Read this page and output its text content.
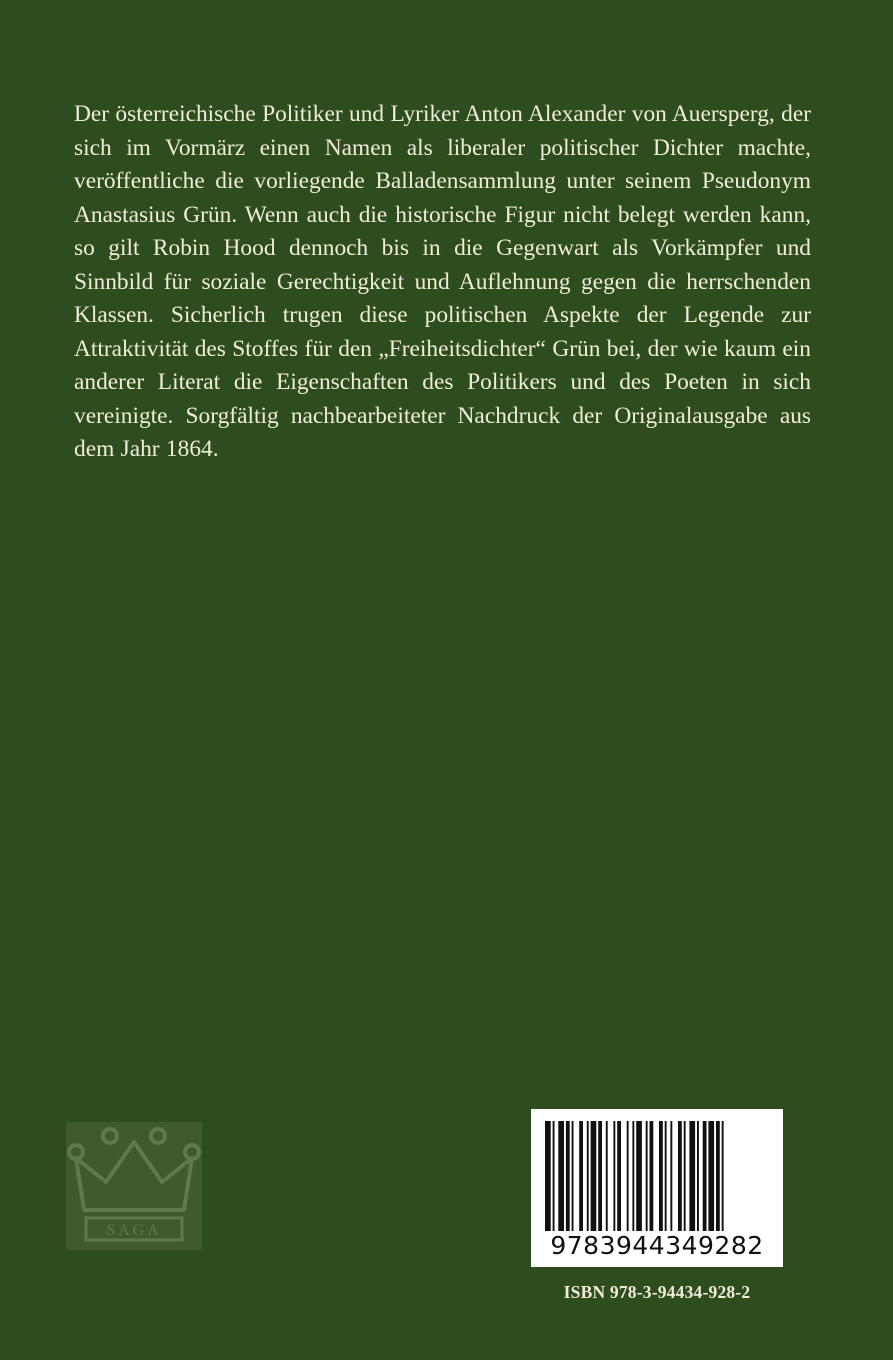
Der österreichische Politiker und Lyriker Anton Alexander von Auersperg, der sich im Vormärz einen Namen als liberaler politischer Dichter machte, veröffentliche die vorliegende Balladensammlung unter seinem Pseudonym Anastasius Grün. Wenn auch die historische Figur nicht belegt werden kann, so gilt Robin Hood dennoch bis in die Gegenwart als Vorkämpfer und Sinnbild für soziale Gerechtigkeit und Auflehnung gegen die herrschenden Klassen. Sicherlich trugen diese politischen Aspekte der Legende zur Attraktivität des Stoffes für den „Freiheitsdichter“ Grün bei, der wie kaum ein anderer Literat die Eigenschaften des Politikers und des Poeten in sich vereinigte. Sorgfältig nachbearbeiteter Nachdruck der Originalausgabe aus dem Jahr 1864.

SAGA
9783944349282
ISBN 978-3-94434-928-2
